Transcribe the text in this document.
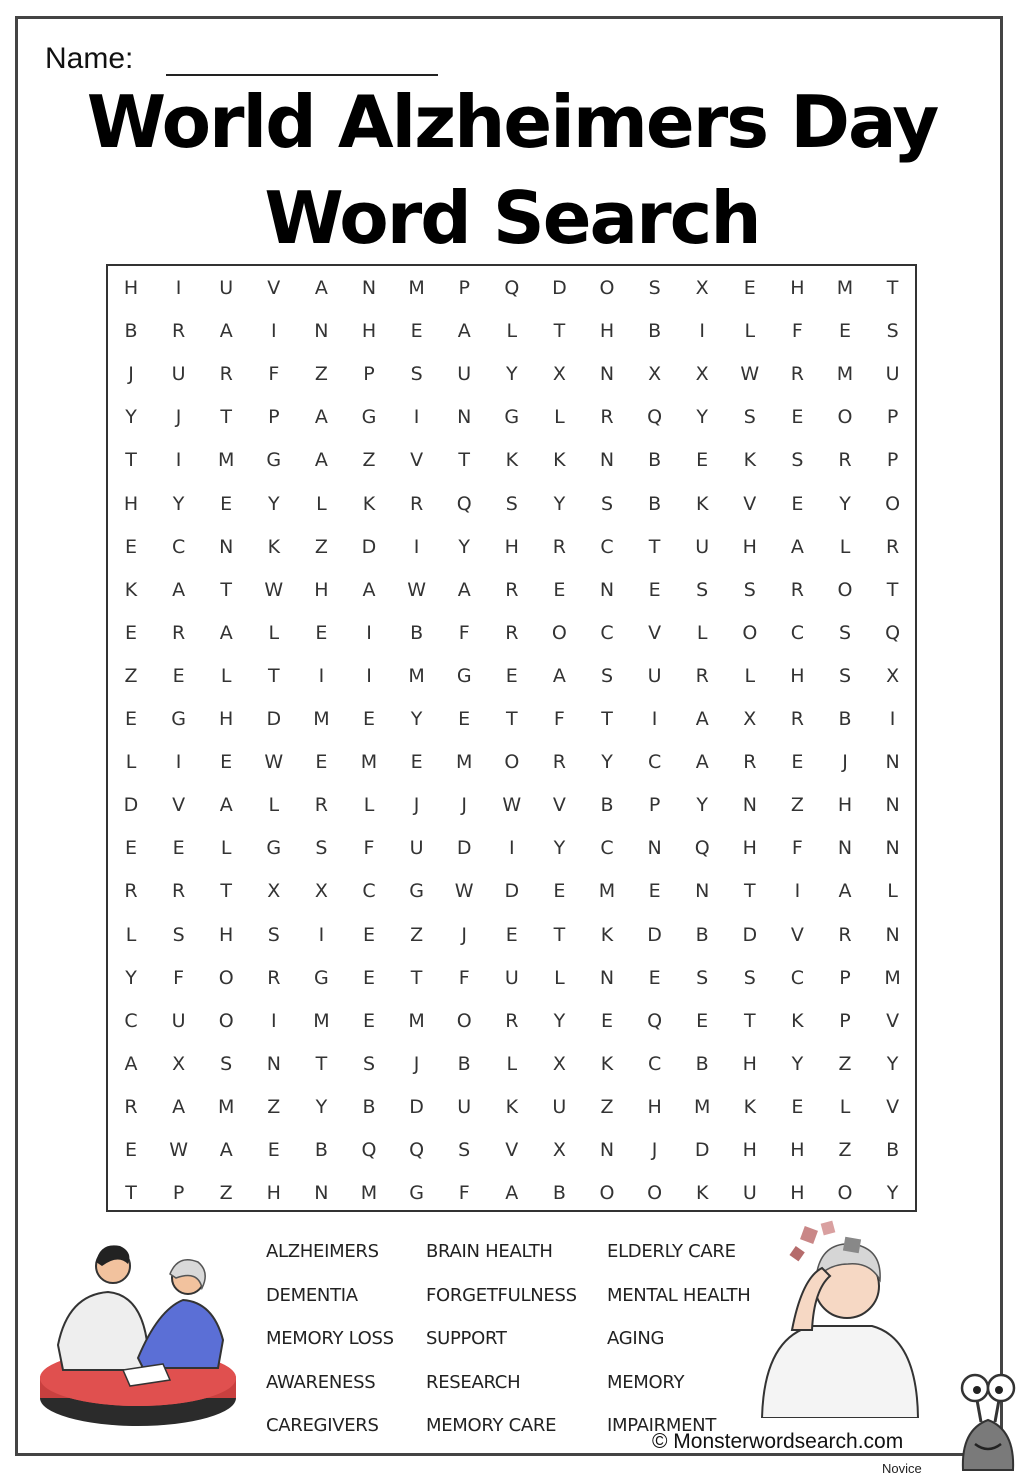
Name:
World Alzheimers Day
Word Search
H	I	U	V	A	N	M	P	Q	D	O	S	X	E	H	M	T
B	R	A	I	N	H	E	A	L	T	H	B	I	L	F	E	S
J	U	R	F	Z	P	S	U	Y	X	N	X	X	W	R	M	U
Y	J	T	P	A	G	I	N	G	L	R	Q	Y	S	E	O	P
T	I	M	G	A	Z	V	T	K	K	N	B	E	K	S	R	P
H	Y	E	Y	L	K	R	Q	S	Y	S	B	K	V	E	Y	O
E	C	N	K	Z	D	I	Y	H	R	C	T	U	H	A	L	R
K	A	T	W	H	A	W	A	R	E	N	E	S	S	R	O	T
E	R	A	L	E	I	B	F	R	O	C	V	L	O	C	S	Q
Z	E	L	T	I	I	M	G	E	A	S	U	R	L	H	S	X
E	G	H	D	M	E	Y	E	T	F	T	I	A	X	R	B	I
L	I	E	W	E	M	E	M	O	R	Y	C	A	R	E	J	N
D	V	A	L	R	L	J	J	W	V	B	P	Y	N	Z	H	N
E	E	L	G	S	F	U	D	I	Y	C	N	Q	H	F	N	N
R	R	T	X	X	C	G	W	D	E	M	E	N	T	I	A	L
L	S	H	S	I	E	Z	J	E	T	K	D	B	D	V	R	N
Y	F	O	R	G	E	T	F	U	L	N	E	S	S	C	P	M
C	U	O	I	M	E	M	O	R	Y	E	Q	E	T	K	P	V
A	X	S	N	T	S	J	B	L	X	K	C	B	H	Y	Z	Y
R	A	M	Z	Y	B	D	U	K	U	Z	H	M	K	E	L	V
E	W	A	E	B	Q	Q	S	V	X	N	J	D	H	H	Z	B
T	P	Z	H	N	M	G	F	A	B	O	O	K	U	H	O	Y
ALZHEIMERS
DEMENTIA
MEMORY LOSS
AWARENESS
CAREGIVERS
BRAIN HEALTH
FORGETFULNESS
SUPPORT
RESEARCH
MEMORY CARE
ELDERLY CARE
MENTAL HEALTH
AGING
MEMORY
IMPAIRMENT
© Monsterwordsearch.com
Novice
